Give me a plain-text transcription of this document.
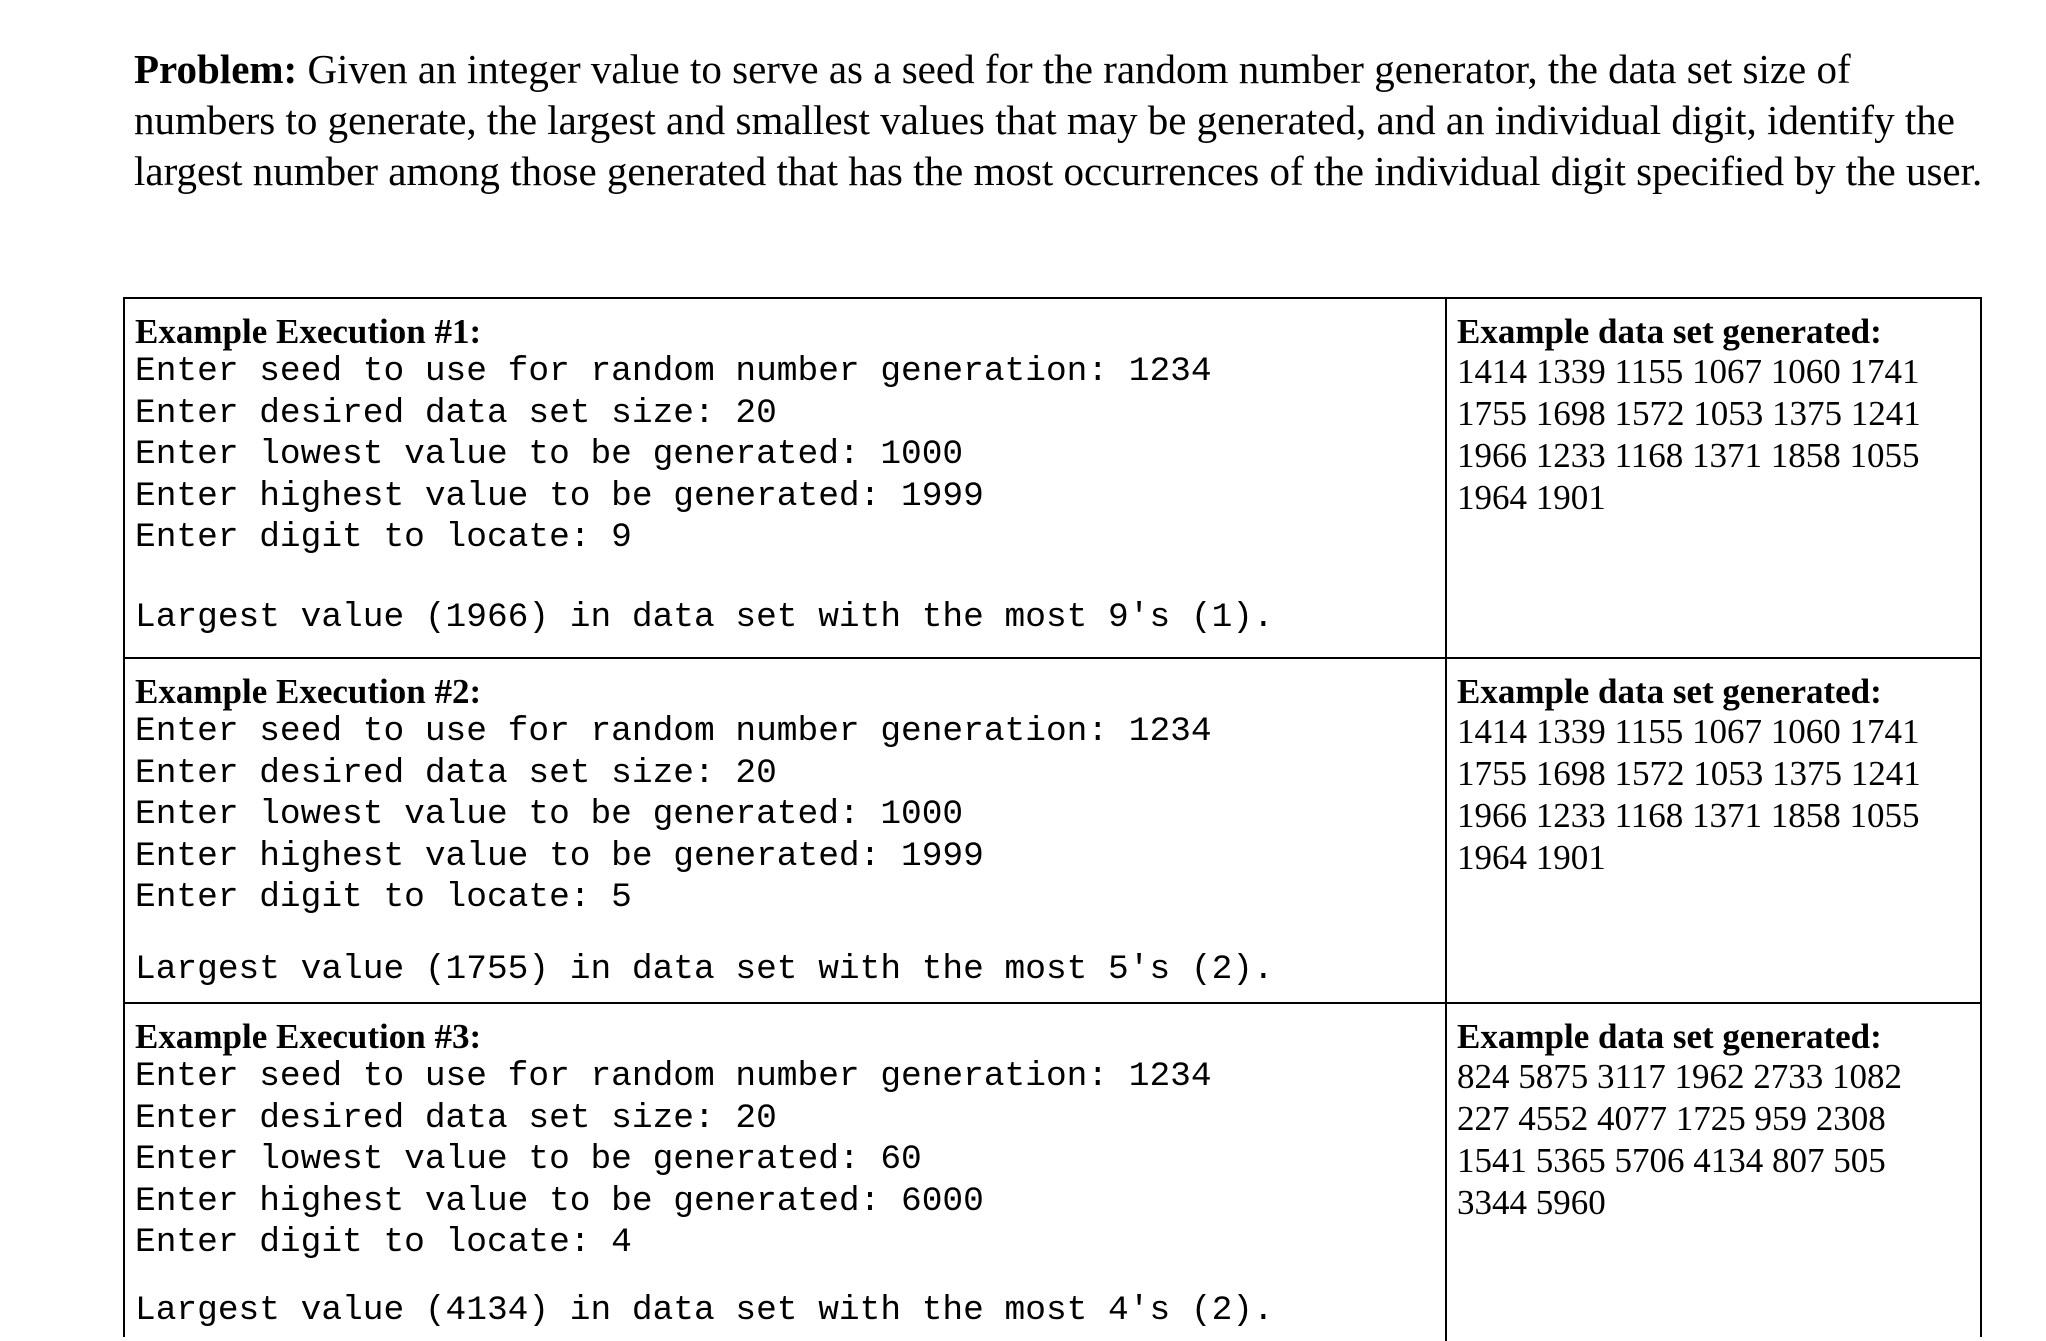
Problem: Given an integer value to serve as a seed for the random number generator, the data set size of numbers to generate, the largest and smallest values that may be generated, and an individual digit, identify the largest number among those generated that has the most occurrences of the individual digit specified by the user.
Example Execution #1:
Enter seed to use for random number generation: 1234
Enter desired data set size: 20
Enter lowest value to be generated: 1000
Enter highest value to be generated: 1999
Enter digit to locate: 9
Largest value (1966) in data set with the most 9's (1).
Example data set generated:
1414 1339 1155 1067 1060 1741
1755 1698 1572 1053 1375 1241
1966 1233 1168 1371 1858 1055
1964 1901
Example Execution #2:
Enter seed to use for random number generation: 1234
Enter desired data set size: 20
Enter lowest value to be generated: 1000
Enter highest value to be generated: 1999
Enter digit to locate: 5
Largest value (1755) in data set with the most 5's (2).
Example data set generated:
1414 1339 1155 1067 1060 1741
1755 1698 1572 1053 1375 1241
1966 1233 1168 1371 1858 1055
1964 1901
Example Execution #3:
Enter seed to use for random number generation: 1234
Enter desired data set size: 20
Enter lowest value to be generated: 60
Enter highest value to be generated: 6000
Enter digit to locate: 4
Largest value (4134) in data set with the most 4's (2).
Example data set generated:
824 5875 3117 1962 2733 1082
227 4552 4077 1725 959 2308
1541 5365 5706 4134 807 505
3344 5960
